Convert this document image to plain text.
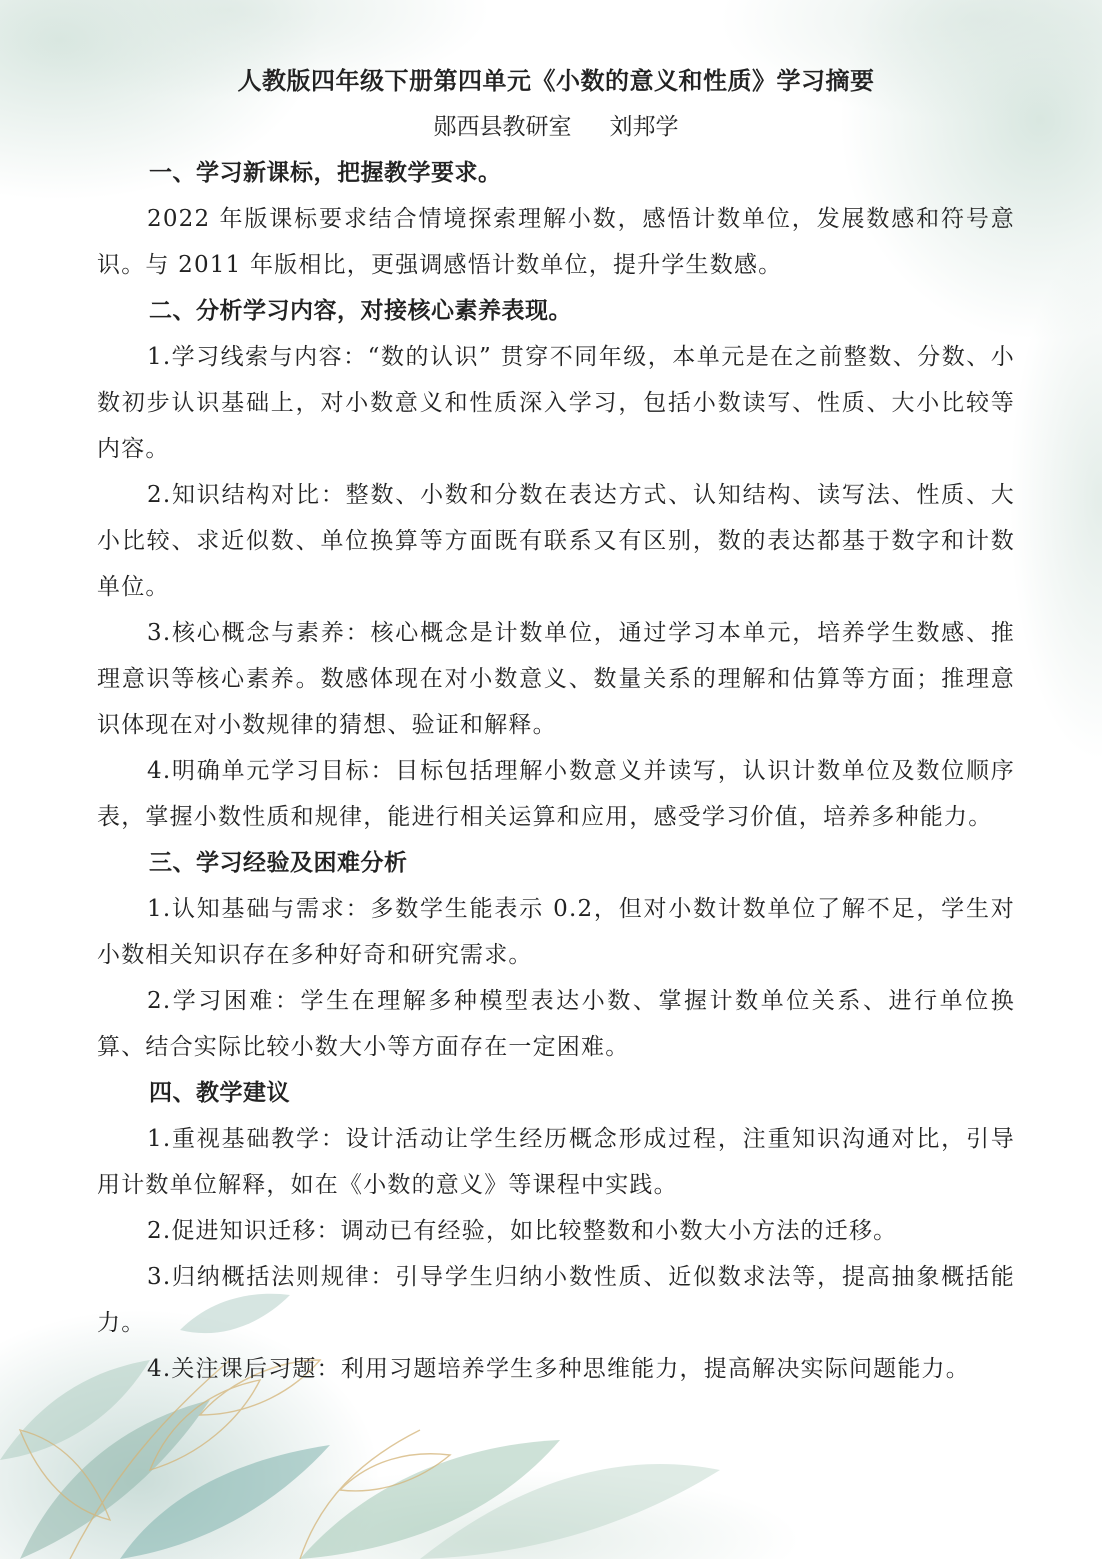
人教版四年级下册第四单元《小数的意义和性质》学习摘要

郧西县教研室 刘邦学

一、学习新课标，把握教学要求。

2022 年版课标要求结合情境探索理解小数，感悟计数单位，发展数感和符号意识。与 2011 年版相比，更强调感悟计数单位，提升学生数感。

二、分析学习内容，对接核心素养表现。

1.学习线索与内容：“数的认识” 贯穿不同年级，本单元是在之前整数、分数、小数初步认识基础上，对小数意义和性质深入学习，包括小数读写、性质、大小比较等内容。

2.知识结构对比：整数、小数和分数在表达方式、认知结构、读写法、性质、大小比较、求近似数、单位换算等方面既有联系又有区别，数的表达都基于数字和计数单位。

3.核心概念与素养：核心概念是计数单位，通过学习本单元，培养学生数感、推理意识等核心素养。数感体现在对小数意义、数量关系的理解和估算等方面；推理意识体现在对小数规律的猜想、验证和解释。

4.明确单元学习目标：目标包括理解小数意义并读写，认识计数单位及数位顺序表，掌握小数性质和规律，能进行相关运算和应用，感受学习价值，培养多种能力。

三、学习经验及困难分析

1.认知基础与需求：多数学生能表示 0.2，但对小数计数单位了解不足，学生对小数相关知识存在多种好奇和研究需求。

2.学习困难：学生在理解多种模型表达小数、掌握计数单位关系、进行单位换算、结合实际比较小数大小等方面存在一定困难。

四、教学建议

1.重视基础教学：设计活动让学生经历概念形成过程，注重知识沟通对比，引导用计数单位解释，如在《小数的意义》等课程中实践。

2.促进知识迁移：调动已有经验，如比较整数和小数大小方法的迁移。

3.归纳概括法则规律：引导学生归纳小数性质、近似数求法等，提高抽象概括能力。

4.关注课后习题：利用习题培养学生多种思维能力，提高解决实际问题能力。
